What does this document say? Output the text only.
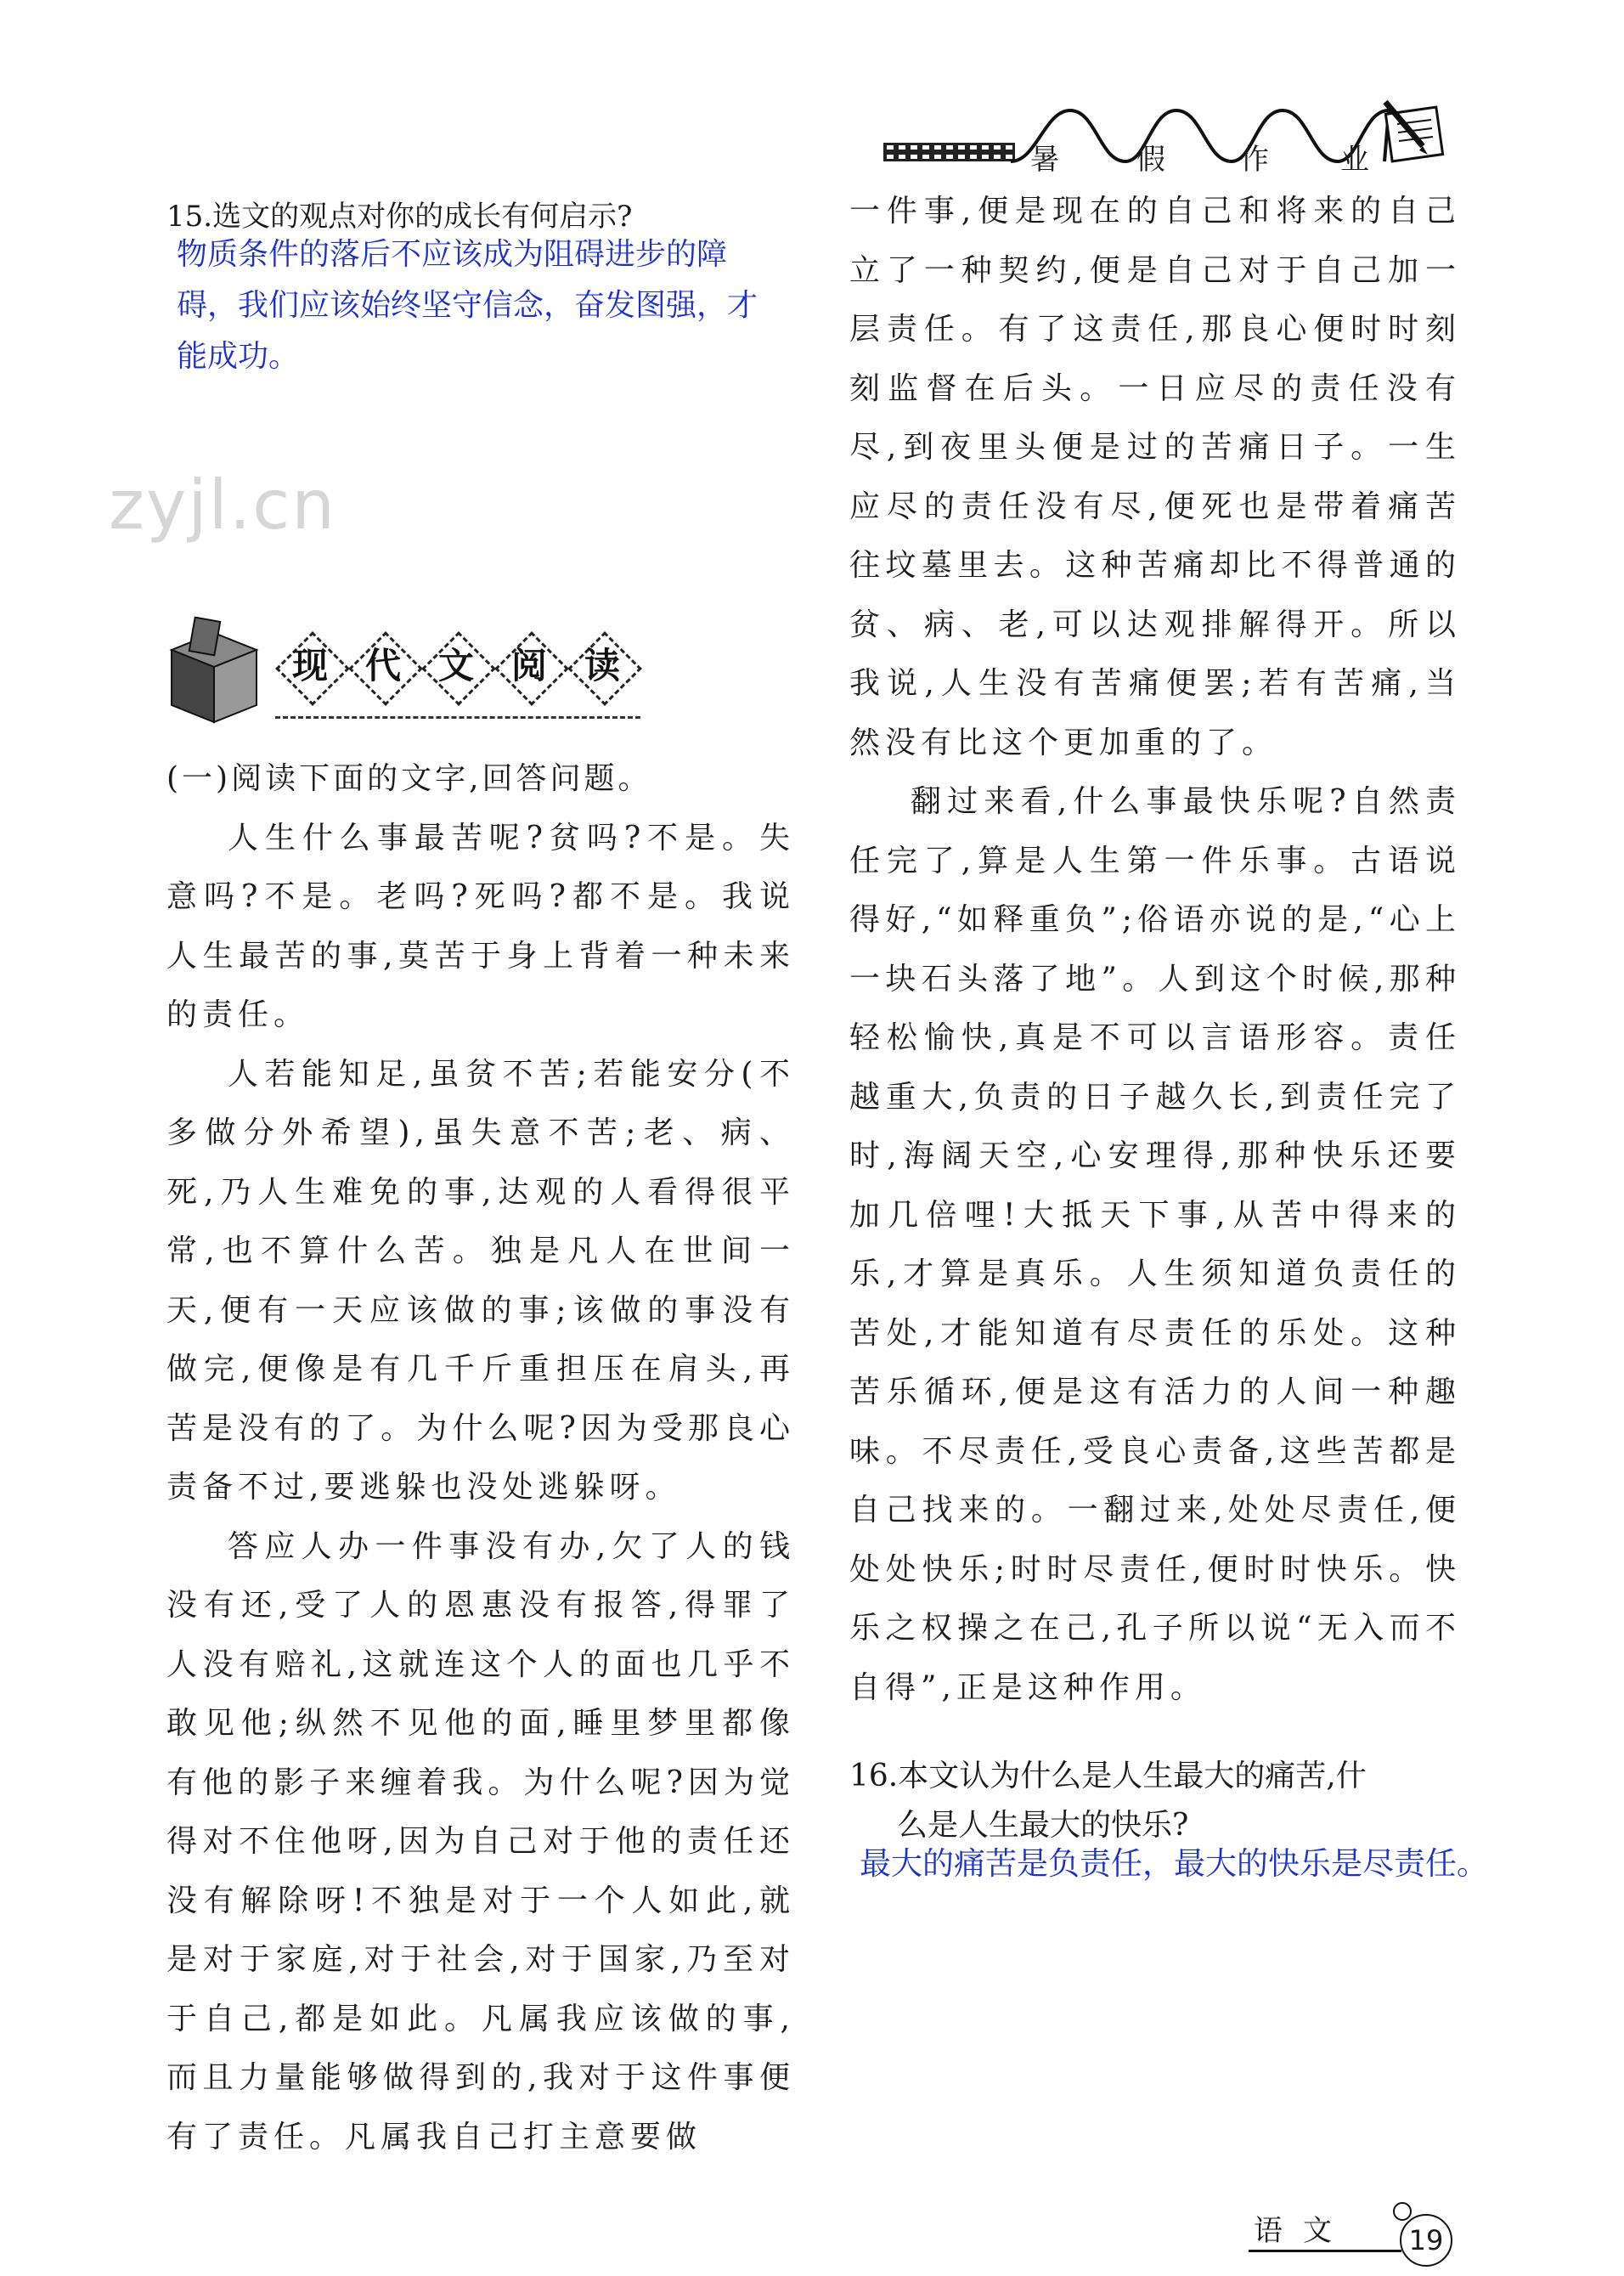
暑	假	作 业
zyjl.cn

15.选文的观点对你的成长有何启示?

物质条件的落后不应该成为阻碍进步的障碍，我们应该始终坚守信念，奋发图强，才能成功。

现	代	文	阅	读

(一)阅读下面的文字,回答问题。

人生什么事最苦呢?贫吗?不是。失意吗?不是。老吗?死吗?都不是。我说人生最苦的事,莫苦于身上背着一种未来的责任。

人若能知足,虽贫不苦;若能安分(不多做分外希望),虽失意不苦;老、病、死,乃人生难免的事,达观的人看得很平常,也不算什么苦。独是凡人在世间一天,便有一天应该做的事;该做的事没有做完,便像是有几千斤重担压在肩头,再苦是没有的了。为什么呢?因为受那良心责备不过,要逃躲也没处逃躲呀。

答应人办一件事没有办,欠了人的钱没有还,受了人的恩惠没有报答,得罪了人没有赔礼,这就连这个人的面也几乎不敢见他;纵然不见他的面,睡里梦里都像有他的影子来缠着我。为什么呢?因为觉得对不住他呀,因为自己对于他的责任还没有解除呀!不独是对于一个人如此,就是对于家庭,对于社会,对于国家,乃至对于自己,都是如此。凡属我应该做的事,而且力量能够做得到的,我对于这件事便有了责任。凡属我自己打主意要做

一件事,便是现在的自己和将来的自己立了一种契约,便是自己对于自己加一层责任。有了这责任,那良心便时时刻刻监督在后头。一日应尽的责任没有尽,到夜里头便是过的苦痛日子。一生应尽的责任没有尽,便死也是带着痛苦往坟墓里去。这种苦痛却比不得普通的贫、病、老,可以达观排解得开。所以我说,人生没有苦痛便罢;若有苦痛,当然没有比这个更加重的了。

翻过来看,什么事最快乐呢?自然责任完了,算是人生第一件乐事。古语说得好,“如释重负”;俗语亦说的是,“心上一块石头落了地”。人到这个时候,那种轻松愉快,真是不可以言语形容。责任越重大,负责的日子越久长,到责任完了时,海阔天空,心安理得,那种快乐还要加几倍哩!大抵天下事,从苦中得来的乐,才算是真乐。人生须知道负责任的苦处,才能知道有尽责任的乐处。这种苦乐循环,便是这有活力的人间一种趣味。不尽责任,受良心责备,这些苦都是自己找来的。一翻过来,处处尽责任,便处处快乐;时时尽责任,便时时快乐。快乐之权操之在己,孔子所以说“无入而不自得”,正是这种作用。

16.本文认为什么是人生最大的痛苦,什

么是人生最大的快乐?

最大的痛苦是负责任，最大的快乐是尽责任。

语文	19
